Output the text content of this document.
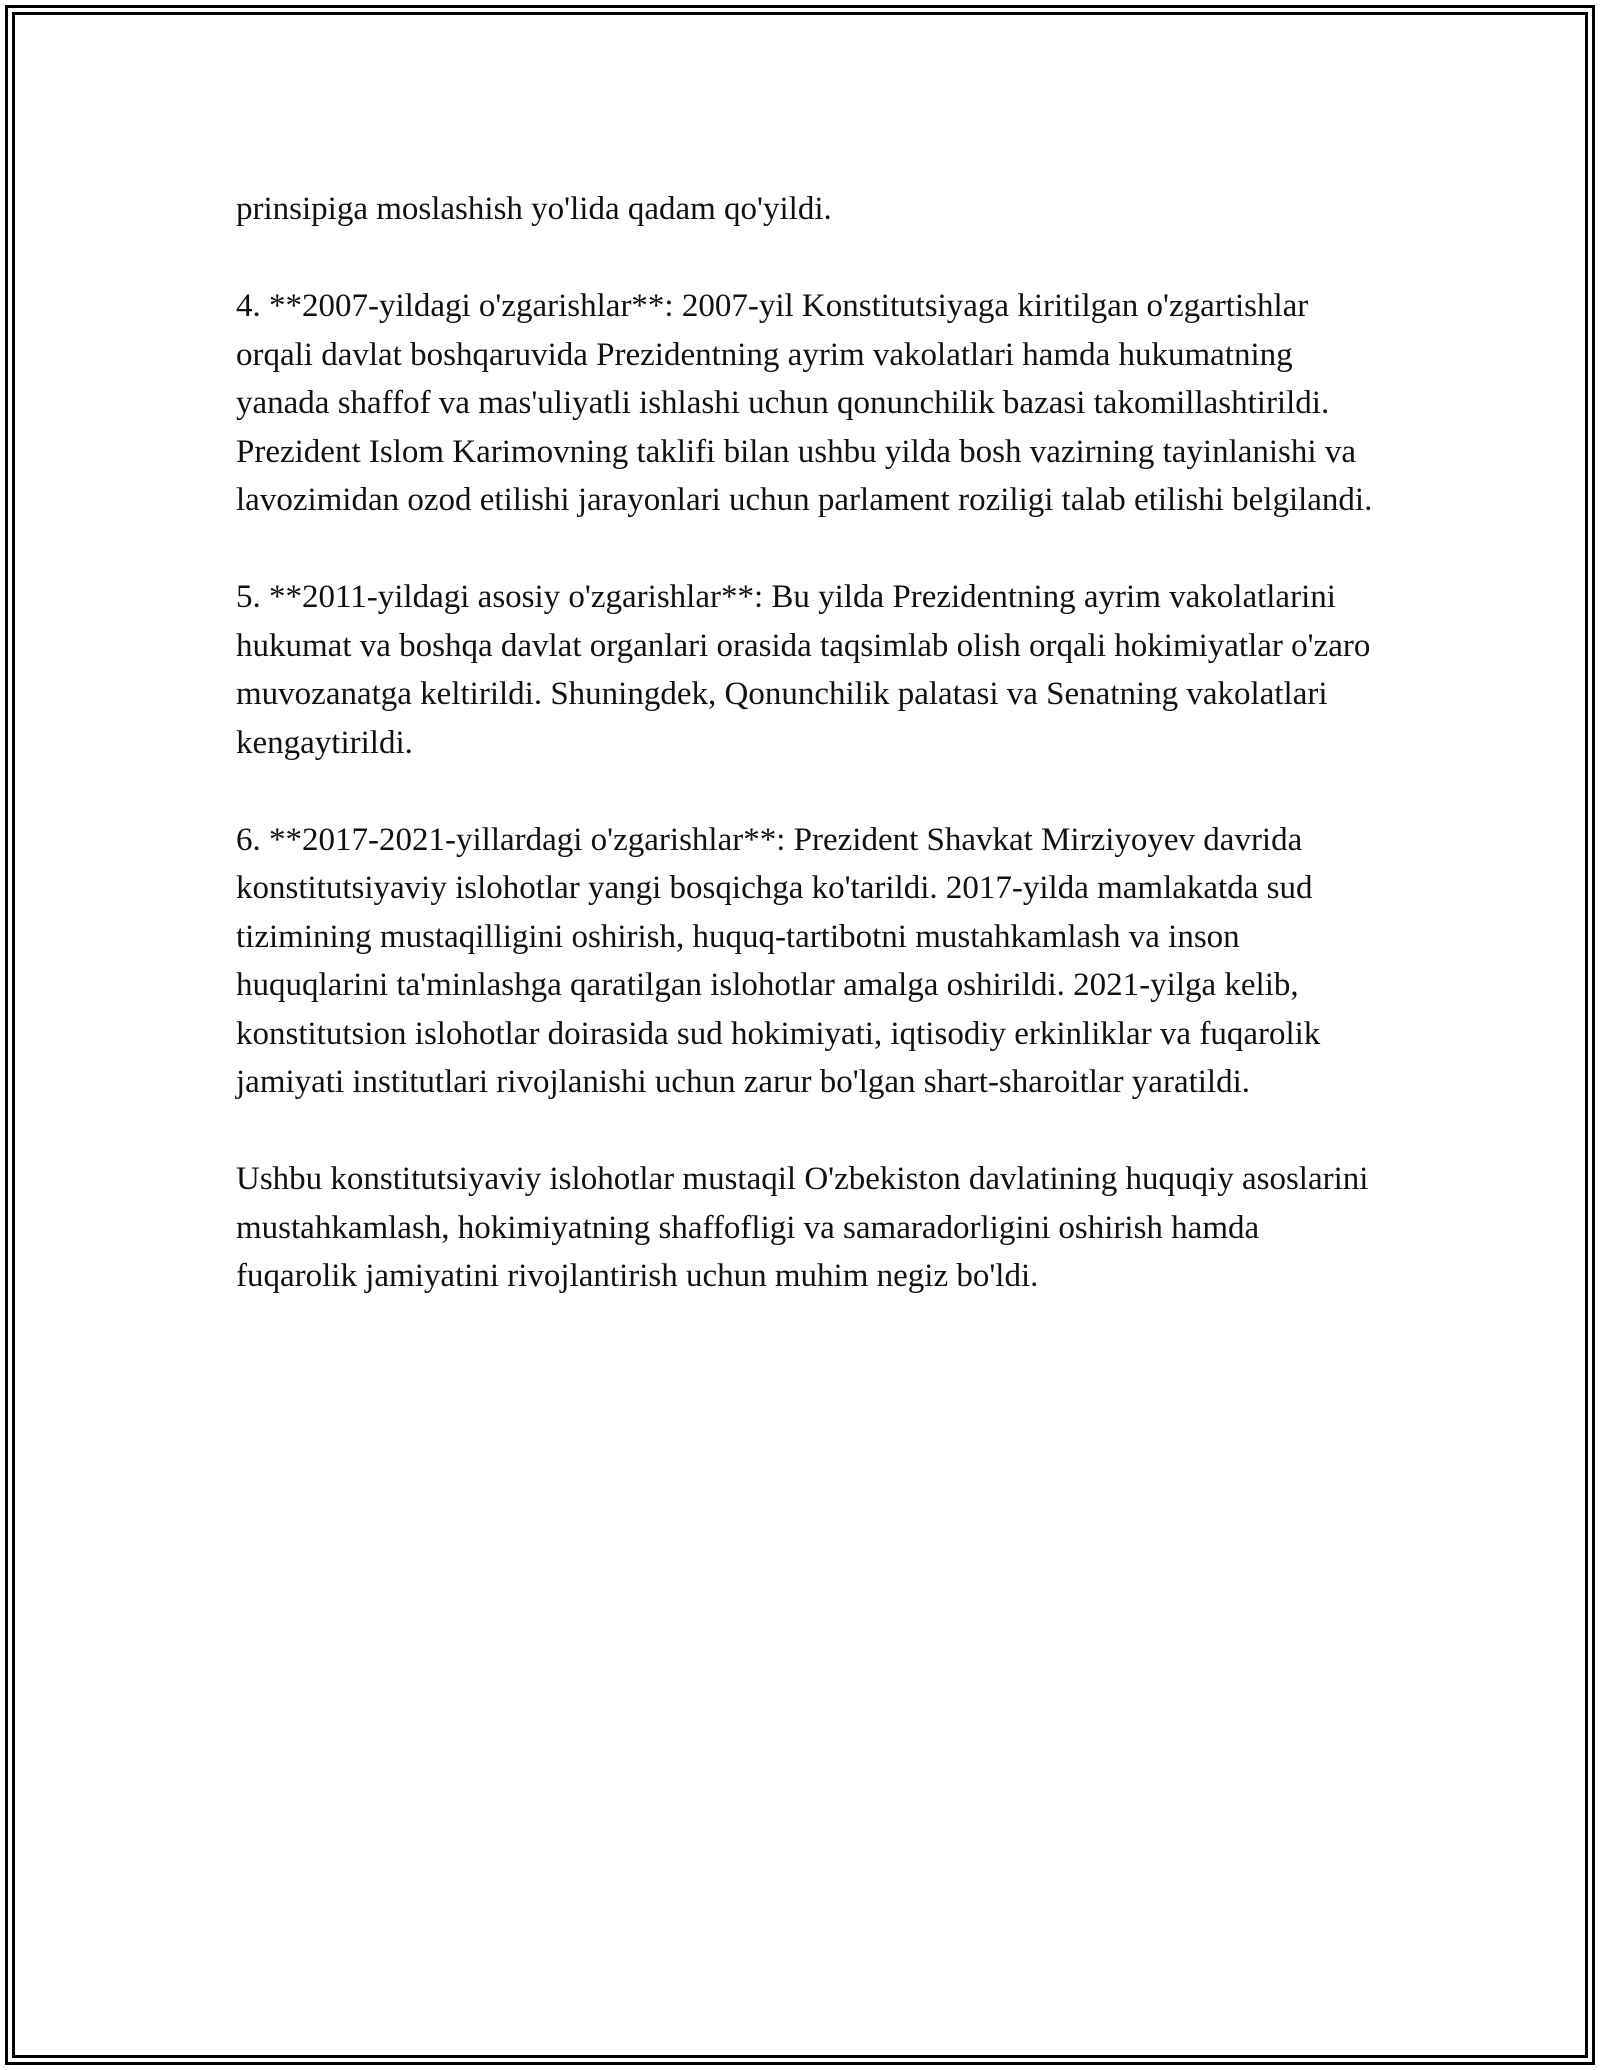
prinsipiga moslashish yo'lida qadam qo'yildi.

4. **2007-yildagi o'zgarishlar**: 2007-yil Konstitutsiyaga kiritilgan o'zgartishlar orqali davlat boshqaruvida Prezidentning ayrim vakolatlari hamda hukumatning yanada shaffof va mas'uliyatli ishlashi uchun qonunchilik bazasi takomillashtirildi. Prezident Islom Karimovning taklifi bilan ushbu yilda bosh vazirning tayinlanishi va lavozimidan ozod etilishi jarayonlari uchun parlament roziligi talab etilishi belgilandi.

5. **2011-yildagi asosiy o'zgarishlar**: Bu yilda Prezidentning ayrim vakolatlarini hukumat va boshqa davlat organlari orasida taqsimlab olish orqali hokimiyatlar o'zaro muvozanatga keltirildi. Shuningdek, Qonunchilik palatasi va Senatning vakolatlari kengaytirildi.

6. **2017-2021-yillardagi o'zgarishlar**: Prezident Shavkat Mirziyoyev davrida konstitutsiyaviy islohotlar yangi bosqichga ko'tarildi. 2017-yilda mamlakatda sud tizimining mustaqilligini oshirish, huquq-tartibotni mustahkamlash va inson huquqlarini ta'minlashga qaratilgan islohotlar amalga oshirildi. 2021-yilga kelib, konstitutsion islohotlar doirasida sud hokimiyati, iqtisodiy erkinliklar va fuqarolik jamiyati institutlari rivojlanishi uchun zarur bo'lgan shart-sharoitlar yaratildi.

Ushbu konstitutsiyaviy islohotlar mustaqil O'zbekiston davlatining huquqiy asoslarini mustahkamlash, hokimiyatning shaffofligi va samaradorligini oshirish hamda fuqarolik jamiyatini rivojlantirish uchun muhim negiz bo'ldi.
